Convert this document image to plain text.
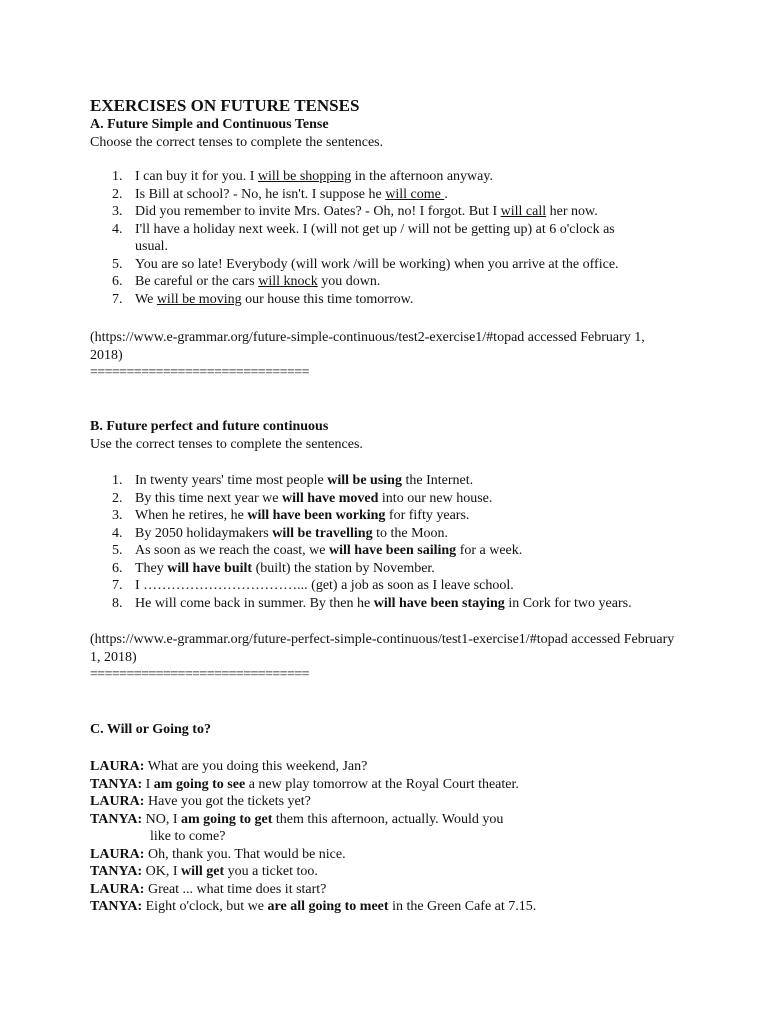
EXERCISES ON FUTURE TENSES
A. Future Simple and Continuous Tense
Choose the correct tenses to complete the sentences.
1. I can buy it for you. I will be shopping in the afternoon anyway.
2. Is Bill at school? - No, he isn't. I suppose he will come .
3. Did you remember to invite Mrs. Oates? - Oh, no! I forgot. But I will call her now.
4. I'll have a holiday next week. I (will not get up / will not be getting up) at 6 o'clock as usual.
5. You are so late! Everybody (will work /will be working) when you arrive at the office.
6. Be careful or the cars will knock you down.
7. We will be moving our house this time tomorrow.
(https://www.e-grammar.org/future-simple-continuous/test2-exercise1/#topad accessed February 1, 2018)
==============================
B. Future perfect and future continuous
Use the correct tenses to complete the sentences.
1. In twenty years' time most people will be using the Internet.
2. By this time next year we will have moved into our new house.
3. When he retires, he will have been working for fifty years.
4. By 2050 holidaymakers will be travelling to the Moon.
5. As soon as we reach the coast, we will have been sailing for a week.
6. They will have built (built) the station by November.
7. I ……………………………... (get) a job as soon as I leave school.
8. He will come back in summer. By then he will have been staying in Cork for two years.
(https://www.e-grammar.org/future-perfect-simple-continuous/test1-exercise1/#topad accessed February 1, 2018)
==============================
C. Will or Going to?
LAURA: What are you doing this weekend, Jan?
TANYA: I am going to see a new play tomorrow at the Royal Court theater.
LAURA: Have you got the tickets yet?
TANYA: NO, I am going to get them this afternoon, actually. Would you
like to come?
LAURA: Oh, thank you. That would be nice.
TANYA: OK, I will get you a ticket too.
LAURA: Great ... what time does it start?
TANYA: Eight o'clock, but we are all going to meet in the Green Cafe at 7.15.
